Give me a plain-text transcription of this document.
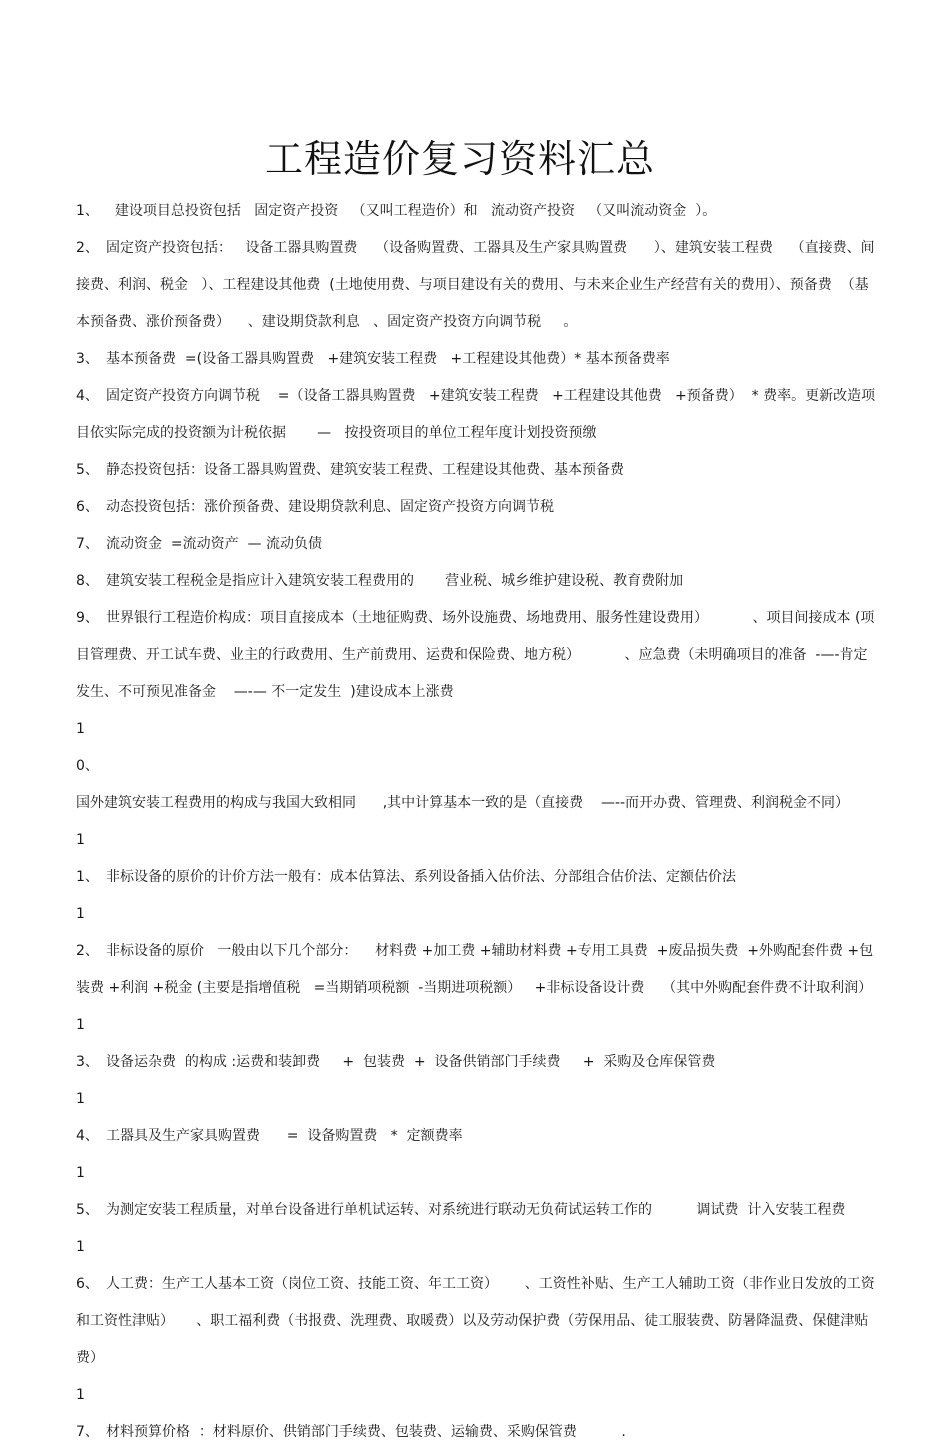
工程造价复习资料汇总

1、  建设项目总投资包括   固定资产投资   （又叫工程造价）和   流动资产投资   （又叫流动资金  ）。

2、 固定资产投资包括：   设备工器具购置费    （设备购置费、工器具及生产家具购置费      ）、建筑安装工程费    （直接费、间接费、利润、税金   ）、工程建设其他费  (土地使用费、与项目建设有关的费用、与未来企业生产经营有关的费用）、预备费  （基本预备费、涨价预备费）    、建设期贷款利息   、固定资产投资方向调节税     。

3、 基本预备费  =(设备工器具购置费   +建筑安装工程费   +工程建设其他费）* 基本预备费率

4、 固定资产投资方向调节税    =（设备工器具购置费   +建筑安装工程费   +工程建设其他费   +预备费）  * 费率。更新改造项目依实际完成的投资额为计税依据       —   按投资项目的单位工程年度计划投资预缴

5、 静态投资包括：设备工器具购置费、建筑安装工程费、工程建设其他费、基本预备费

6、 动态投资包括：涨价预备费、建设期贷款利息、固定资产投资方向调节税

7、 流动资金  =流动资产  — 流动负债

8、 建筑安装工程税金是指应计入建筑安装工程费用的       营业税、城乡维护建设税、教育费附加

9、 世界银行工程造价构成：项目直接成本（土地征购费、场外设施费、场地费用、服务性建设费用）          、项目间接成本 (项目管理费、开工试车费、业主的行政费用、生产前费用、运费和保险费、地方税）          、应急费（未明确项目的准备  -—-肯定发生、不可预见准备金    —-— 不一定发生  )建设成本上涨费

10、国外建筑安装工程费用的构成与我国大致相同      ,其中计算基本一致的是（直接费    —--而开办费、管理费、利润税金不同）

11、 非标设备的原价的计价方法一般有：成本估算法、系列设备插入估价法、分部组合估价法、定额估价法

12、 非标设备的原价   一般由以下几个部分：    材料费 +加工费 +辅助材料费 +专用工具费  +废品损失费  +外购配套件费 +包装费 +利润 +税金 (主要是指增值税   =当期销项税额  -当期进项税额）   +非标设备设计费    （其中外购配套件费不计取利润）

13、 设备运杂费  的构成 :运费和装卸费     +  包装费  +  设备供销部门手续费     +  采购及仓库保管费

14、 工器具及生产家具购置费      =  设备购置费   *  定额费率

15、 为测定安装工程质量，对单台设备进行单机试运转、对系统进行联动无负荷试运转工作的          调试费  计入安装工程费

16、 人工费：生产工人基本工资（岗位工资、技能工资、年工工资）      、工资性补贴、生产工人辅助工资（非作业日发放的工资和工资性津贴）     、职工福利费（书报费、洗理费、取暖费）以及劳动保护费（劳保用品、徒工服装费、防暑降温费、保健津贴费）

17、 材料预算价格  ：材料原价、供销部门手续费、包装费、运输费、采购保管费          .
